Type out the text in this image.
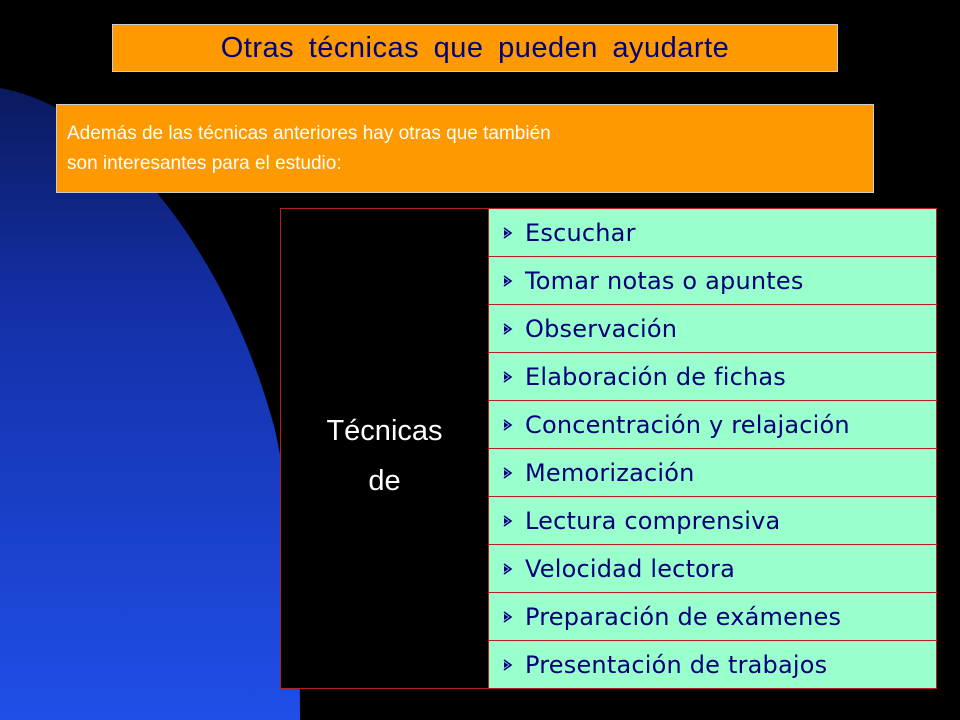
Otras técnicas que pueden ayudarte
Además de las técnicas anteriores hay otras que también
son interesantes para el estudio:
Técnicas
de
Escuchar
Tomar notas o apuntes
Observación
Elaboración de fichas
Concentración y relajación
Memorización
Lectura comprensiva
Velocidad lectora
Preparación de exámenes
Presentación de trabajos
